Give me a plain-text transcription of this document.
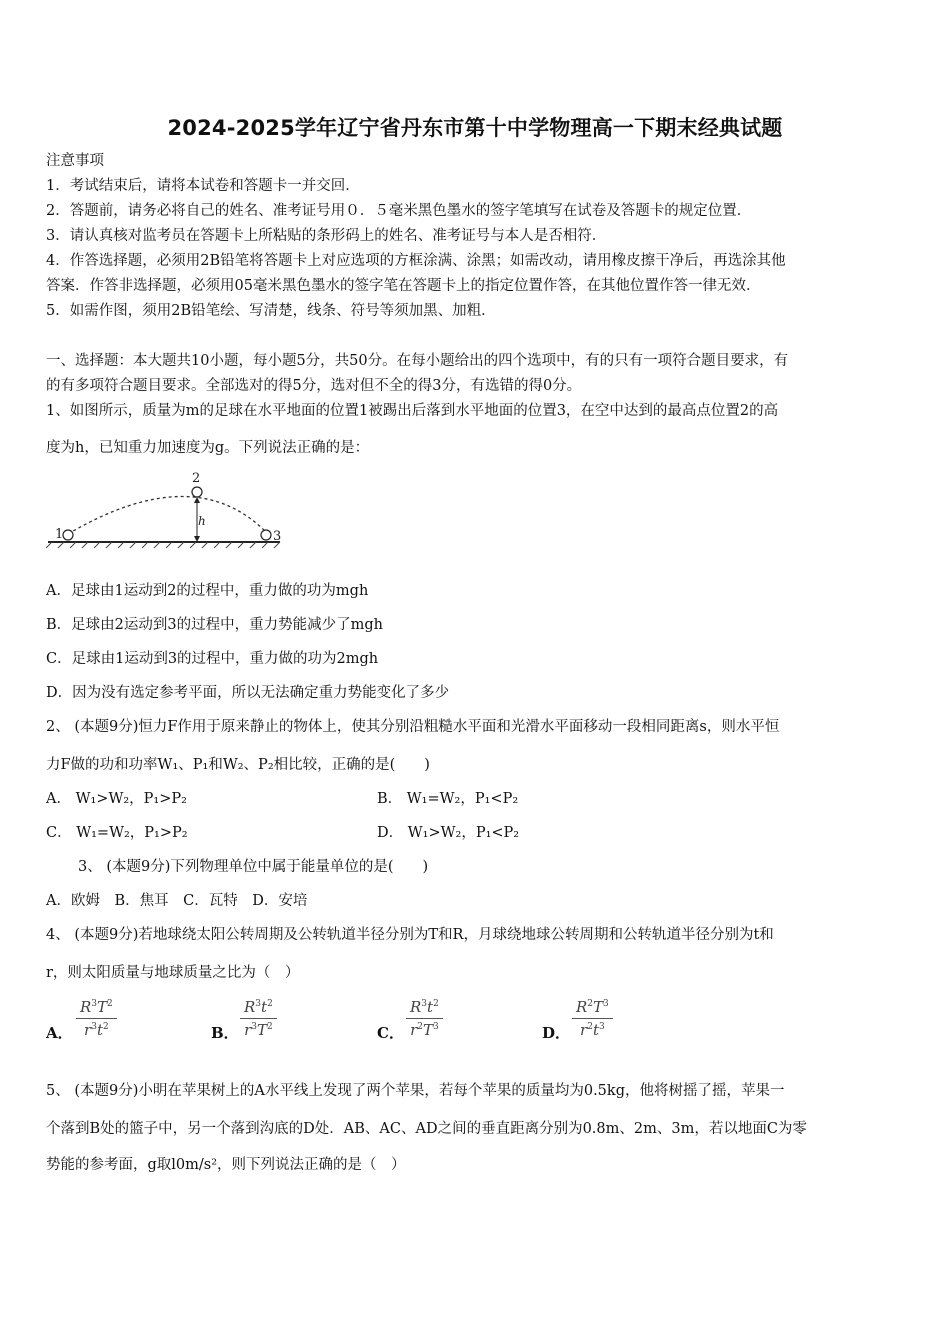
2024-2025学年辽宁省丹东市第十中学物理高一下期末经典试题
注意事项
1．考试结束后，请将本试卷和答题卡一并交回．
2．答题前，请务必将自己的姓名、准考证号用０．５毫米黑色墨水的签字笔填写在试卷及答题卡的规定位置．
3．请认真核对监考员在答题卡上所粘贴的条形码上的姓名、准考证号与本人是否相符．
4．作答选择题，必须用2B铅笔将答题卡上对应选项的方框涂满、涂黑；如需改动，请用橡皮擦干净后，再选涂其他
答案．作答非选择题，必须用05毫米黑色墨水的签字笔在答题卡上的指定位置作答，在其他位置作答一律无效．
5．如需作图，须用2B铅笔绘、写清楚，线条、符号等须加黑、加粗．
一、选择题：本大题共10小题，每小题5分，共50分。在每小题给出的四个选项中，有的只有一项符合题目要求，有
的有多项符合题目要求。全部选对的得5分，选对但不全的得3分，有选错的得0分。
1、如图所示，质量为m的足球在水平地面的位置1被踢出后落到水平地面的位置3，在空中达到的最高点位置2的高
度为h，已知重力加速度为g。下列说法正确的是：
1
2
3
h
A．足球由1运动到2的过程中，重力做的功为mgh
B．足球由2运动到3的过程中，重力势能减少了mgh
C．足球由1运动到3的过程中，重力做的功为2mgh
D．因为没有选定参考平面，所以无法确定重力势能变化了多少
2、 (本题9分)恒力F作用于原来静止的物体上，使其分别沿粗糙水平面和光滑水平面移动一段相同距离s，则水平恒
力F做的功和功率W₁、P₁和W₂、P₂相比较，正确的是(　　)
A． W₁>W₂，P₁>P₂	B． W₁=W₂，P₁<P₂
C． W₁=W₂，P₁>P₂	D． W₁>W₂，P₁<P₂
3、 (本题9分)下列物理单位中属于能量单位的是(　　)
A．欧姆　B．焦耳　C．瓦特　D．安培
4、 (本题9分)若地球绕太阳公转周期及公转轨道半径分别为T和R，月球绕地球公转周期和公转轨道半径分别为t和
r，则太阳质量与地球质量之比为（　）
A． $\frac{R^3T^2}{r^3t^2}$	B． $\frac{R^3t^2}{r^3T^2}$	C． $\frac{R^3t^2}{r^2T^3}$	D． $\frac{R^2T^3}{r^2t^3}$
5、 (本题9分)小明在苹果树上的A水平线上发现了两个苹果，若每个苹果的质量均为0.5kg，他将树摇了摇，苹果一
个落到B处的篮子中，另一个落到沟底的D处．AB、AC、AD之间的垂直距离分别为0.8m、2m、3m，若以地面C为零
势能的参考面，g取l0m/s²，则下列说法正确的是（　）
